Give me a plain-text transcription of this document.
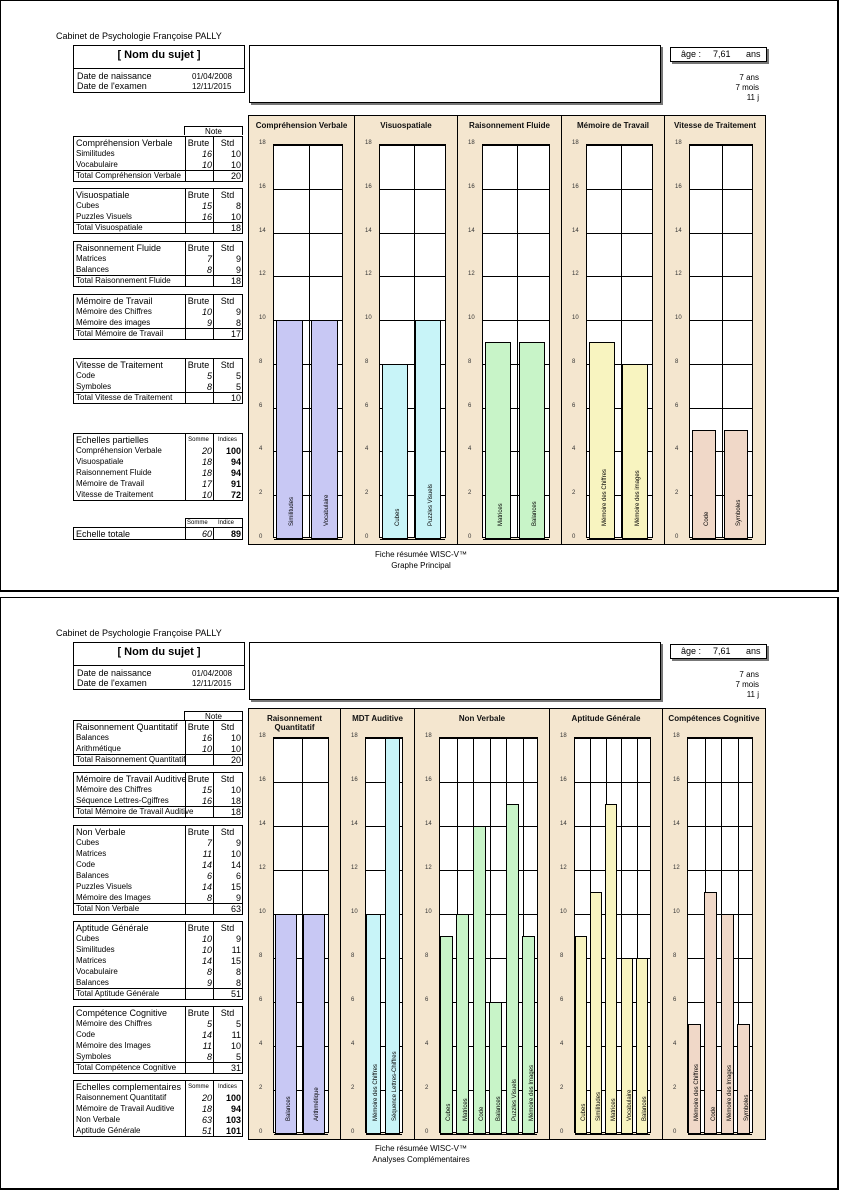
Cabinet de Psychologie Françoise PALLY
[ Nom du sujet ]
Date de naissance	01/04/2008
Date de l'examen	12/11/2015
âge : 7,61 ans
7 ans
7 mois
11 j
Note
Compréhension Verbale	Brute	Std
Similitudes	16	10
Vocabulaire	10	10
Total Compréhension Verbale	20
Visuospatiale	Brute	Std
Cubes	15	8
Puzzles Visuels	16	10
Total Visuospatiale	18
Raisonnement Fluide	Brute	Std
Matrices	7	9
Balances	8	9
Total Raisonnement Fluide	18
Mémoire de Travail	Brute	Std
Mémoire des Chiffres	10	9
Mémoire des images	9	8
Total Mémoire de Travail	17
Vitesse de Traitement	Brute	Std
Code	5	5
Symboles	8	5
Total Vitesse de Traitement	10
Echelles partielles	Somme	Indices
Compréhension Verbale	20	100
Visuospatiale	18	94
Raisonnement Fluide	18	94
Mémoire de Travail	17	91
Vitesse de Traitement	10	72
Somme Indice
Echelle totale	60	89
Compréhension Verbale
0
2
4
6
8
10
12
14
16
18
Similitudes	Vocabulaire
Visuospatiale
0
2
4
6
8
10
12
14
16
18
Cubes	Puzzles Visuels
Raisonnement Fluide
0
2
4
6
8
10
12
14
16
18
Matrices	Balances
Mémoire de Travail
0
2
4
6
8
10
12
14
16
18
Mémoire des Chiffres	Mémoire des images
Vitesse de Traitement
0
2
4
6
8
10
12
14
16
18
Code	Symboles
Fiche résumée WISC-V™
Graphe Principal
Cabinet de Psychologie Françoise PALLY
[ Nom du sujet ]
Date de naissance	01/04/2008
Date de l'examen	12/11/2015
âge : 7,61 ans
7 ans
7 mois
11 j
Note
Raisonnement Quantitatif	Brute	Std
Balances	16	10
Arithmétique	10	10
Total Raisonnement Quantitatif	20
Mémoire de Travail Auditive Brute	Std
Mémoire des Chiffres	15	10
Séquence Lettres-Cgiffres	16	18
Total Mémoire de Travail Auditive	18
Non Verbale	Brute	Std
Cubes	7	9
Matrices	11	10
Code	14	14
Balances	6	6
Puzzles Visuels	14	15
Mémoire des Images	8	9
Total Non Verbale	63
Aptitude Générale	Brute	Std
Cubes	10	9
Similitudes	10	11
Matrices	14	15
Vocabulaire	8	8
Balances	9	8
Total Aptitude Générale	51
Compétence Cognitive	Brute	Std
Mémoire des Chiffres	5	5
Code	14	11
Mémoire des Images	11	10
Symboles	8	5
Total Compétence Cognitive	31
Echelles complementaires	Somme	Indices
Raisonnement Quantitatif	20	100
Mémoire de Travail Auditive	18	94
Non Verbale	63	103
Aptitude Générale	51	101
Raisonnement Quantitatif
0
2
4
6
8
10
12
14
16
18
Balances	Arithmétique
MDT Auditive
0
2
4
6
8
10
12
14
16
18
Mémoire des Chiffres Séquence Lettres-Chiffres
Non Verbale
0
2
4
6
8
10
12
14
16
18
Cubes Matrices Code Balances Puzzles Visuels Mémoire des Images
Aptitude Générale
0
2
4
6
8
10
12
14
16
18
Cubes Similitudes Matrices Vocabulaire Balances
Compétences Cognitive
0
2
4
6
8
10
12
14
16
18
Mémoire des Chiffres Code Mémoire des Images Symboles
Fiche résumée WISC-V™
Analyses Complémentaires
